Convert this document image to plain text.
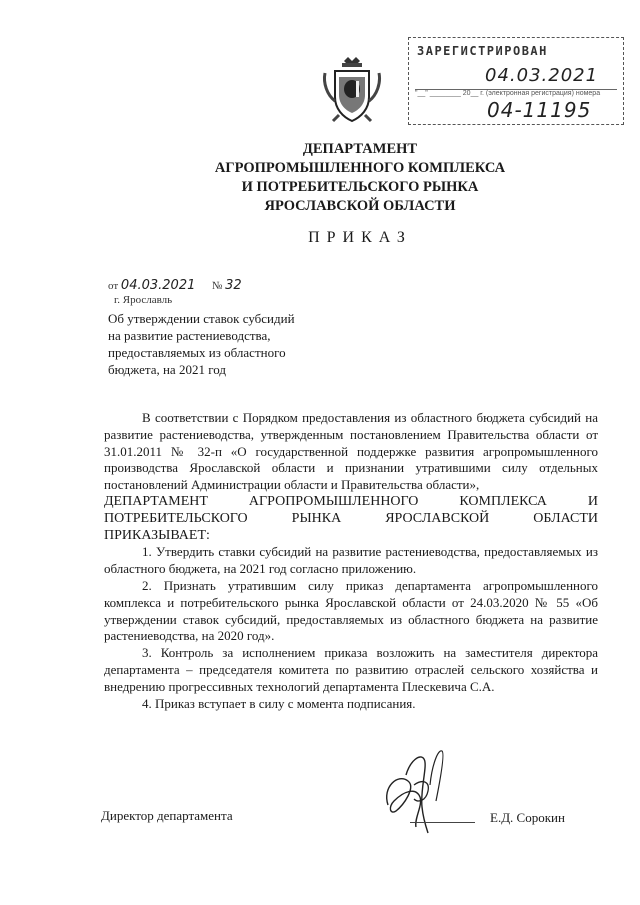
ЗАРЕГИСТРИРОВАН
04.03.2021
"__" ________ 20__ г. (электронная регистрация) номера
04-11195
ДЕПАРТАМЕНТ
АГРОПРОМЫШЛЕННОГО КОМПЛЕКСА
И ПОТРЕБИТЕЛЬСКОГО РЫНКА
ЯРОСЛАВСКОЙ ОБЛАСТИ
ПРИКАЗ
от 04.03.2021 № 32
г. Ярославль
Об утверждении ставок субсидий
на развитие растениеводства,
предоставляемых из областного
бюджета, на 2021 год

В соответствии с Порядком предоставления из областного бюджета субсидий на развитие растениеводства, утвержденным постановлением Правительства области от 31.01.2011 № 32-п «О государственной поддержке развития агропромышленного производства Ярославской области и признании утратившими силу отдельных постановлений Администрации области и Правительства области»,

ДЕПАРТАМЕНТ АГРОПРОМЫШЛЕННОГО КОМПЛЕКСА И

ПОТРЕБИТЕЛЬСКОГО РЫНКА ЯРОСЛАВСКОЙ ОБЛАСТИ

ПРИКАЗЫВАЕТ:

1. Утвердить ставки субсидий на развитие растениеводства, предоставляемых из областного бюджета, на 2021 год согласно приложению.

2. Признать утратившим силу приказ департамента агропромышленного комплекса и потребительского рынка Ярославской области от 24.03.2020 № 55 «Об утверждении ставок субсидий, предоставляемых из областного бюджета на развитие растениеводства, на 2020 год».

3. Контроль за исполнением приказа возложить на заместителя директора департамента – председателя комитета по развитию отраслей сельского хозяйства и внедрению прогрессивных технологий департамента Плескевича С.А.

4. Приказ вступает в силу с момента подписания.

Директор департамента	Е.Д. Сорокин
